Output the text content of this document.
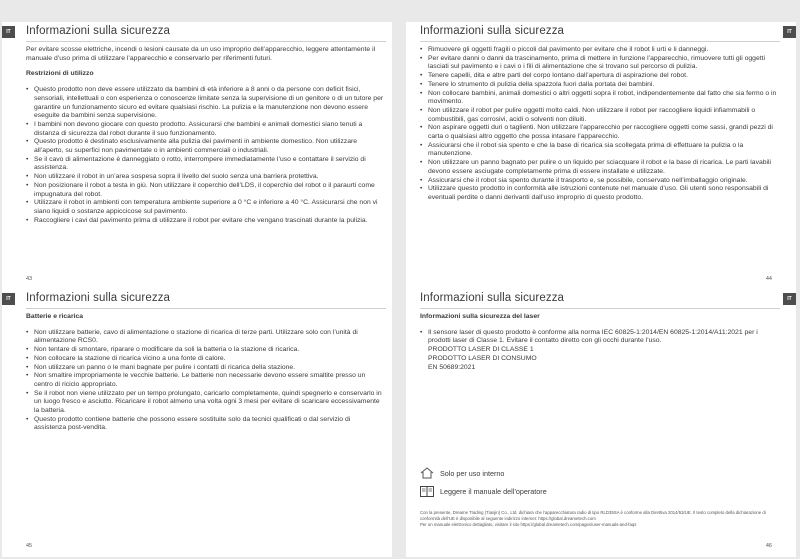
IT	Informazioni sulla sicurezza

Per evitare scosse elettriche, incendi o lesioni causate da un uso improprio dell’apparecchio, leggere attentamente il manuale d’uso prima di utilizzare l’apparecchio e conservarlo per riferimenti futuri.

Restrizioni di utilizzo

• Questo prodotto non deve essere utilizzato da bambini di età inferiore a 8 anni o da persone con deficit fisici, sensoriali, intellettuali o con esperienza o conoscenze limitate senza la supervisione di un genitore o di un tutore per garantire un funzionamento sicuro ed evitare qualsiasi rischio. La pulizia e la manutenzione non devono essere eseguite da bambini senza supervisione.
• I bambini non devono giocare con questo prodotto. Assicurarsi che bambini e animali domestici siano tenuti a distanza di sicurezza dal robot durante il suo funzionamento.
• Questo prodotto è destinato esclusivamente alla pulizia dei pavimenti in ambiente domestico. Non utilizzare all’aperto, su superfici non pavimentate o in ambienti commerciali o industriali.
• Se il cavo di alimentazione è danneggiato o rotto, interrompere immediatamente l’uso e contattare il servizio di assistenza.
• Non utilizzare il robot in un’area sospesa sopra il livello del suolo senza una barriera protettiva.
• Non posizionare il robot a testa in giù. Non utilizzare il coperchio dell’LDS, il coperchio del robot o il paraurti come impugnatura del robot.
• Utilizzare il robot in ambienti con temperatura ambiente superiore a 0 °C e inferiore a 40 °C. Assicurarsi che non vi siano liquidi o sostanze appiccicose sul pavimento.
• Raccogliere i cavi dal pavimento prima di utilizzare il robot per evitare che vengano trascinati durante la pulizia.
43
IT
Informazioni sulla sicurezza
• Rimuovere gli oggetti fragili o piccoli dal pavimento per evitare che il robot li urti e li danneggi.
• Per evitare danni o danni da trascinamento, prima di mettere in funzione l’apparecchio, rimuovere tutti gli oggetti lasciati sul pavimento e i cavi o i fili di alimentazione che si trovano sul percorso di pulizia.
• Tenere capelli, dita e altre parti del corpo lontano dall’apertura di aspirazione del robot.
• Tenere lo strumento di pulizia della spazzola fuori dalla portata dei bambini.
• Non collocare bambini, animali domestici o altri oggetti sopra il robot, indipendentemente dal fatto che sia fermo o in movimento.
• Non utilizzare il robot per pulire oggetti molto caldi. Non utilizzare il robot per raccogliere liquidi infiammabili o combustibili, gas corrosivi, acidi o solventi non diluiti.
• Non aspirare oggetti duri o taglienti. Non utilizzare l’apparecchio per raccogliere oggetti come sassi, grandi pezzi di carta o qualsiasi altro oggetto che possa intasare l’apparecchio.
• Assicurarsi che il robot sia spento e che la base di ricarica sia scollegata prima di effettuare la pulizia o la manutenzione.
• Non utilizzare un panno bagnato per pulire o un liquido per sciacquare il robot e la base di ricarica. Le parti lavabili devono essere asciugate completamente prima di essere installate e utilizzate.
• Assicurarsi che il robot sia spento durante il trasporto e, se possibile, conservato nell’imballaggio originale.
• Utilizzare questo prodotto in conformità alle istruzioni contenute nel manuale d’uso. Gli utenti sono responsabili di eventuali perdite o danni derivanti dall’uso improprio di questo prodotto.
44
IT	Informazioni sulla sicurezza

Batterie e ricarica

• Non utilizzare batterie, cavo di alimentazione o stazione di ricarica di terze parti. Utilizzare solo con l’unità di alimentazione RCS0.
• Non tentare di smontare, riparare o modificare da soli la batteria o la stazione di ricarica.
• Non collocare la stazione di ricarica vicino a una fonte di calore.
• Non utilizzare un panno o le mani bagnate per pulire i contatti di ricarica della stazione.
• Non smaltire impropriamente le vecchie batterie. Le batterie non necessarie devono essere smaltite presso un centro di riciclo appropriato.
• Se il robot non viene utilizzato per un tempo prolungato, caricarlo completamente, quindi spegnerlo e conservarlo in un luogo fresco e asciutto. Ricaricare il robot almeno una volta ogni 3 mesi per evitare di scaricare eccessivamente la batteria.
• Questo prodotto contiene batterie che possono essere sostituite solo da tecnici qualificati o dal servizio di assistenza post-vendita.
45
IT
Informazioni sulla sicurezza

Informazioni sulla sicurezza del laser

• Il sensore laser di questo prodotto è conforme alla norma IEC 60825-1:2014/EN 60825-1:2014/A11:2021 per i prodotti laser di Classe 1. Evitare il contatto diretto con gli occhi durante l’uso.
PRODOTTO LASER DI CLASSE 1
PRODOTTO LASER DI CONSUMO
EN 50689:2021
Solo per uso interno
Leggere il manuale dell’operatore

Con la presente, Dreame Trading (Tianjin) Co., Ltd. dichiara che l’apparecchiatura radio di tipo RLD35SA è conforme alla Direttiva 2014/53/UE. Il testo completo della dichiarazione di conformità dell’UE è disponibile al seguente indirizzo internet: https://global.dreametech.com

Per un manuale elettronico dettagliato, visitare il sito https://global.dreametech.com/pages/user-manuals-and-faqs

46
